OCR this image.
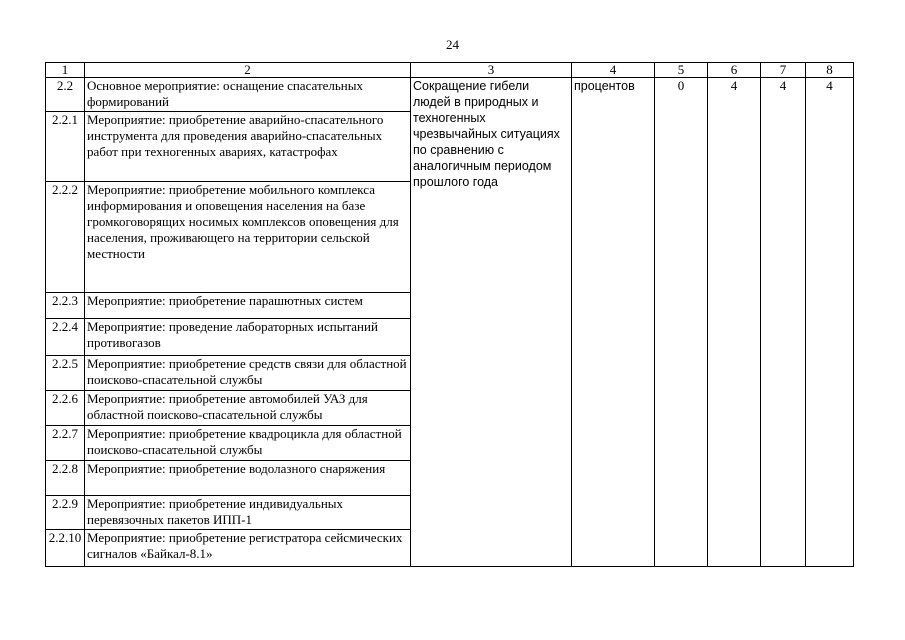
24
1	2	3	4	5	6	7	8
2.2	Основное мероприятие: оснащение спасательных формирований	Сокращение гибели людей в природных и техногенных чрезвычайных ситуациях по сравнению с аналогичным периодом прошлого года	процентов	0	4	4	4
2.2.1	Мероприятие: приобретение аварийно-спасательного инструмента для проведения аварийно-спасательных работ при техногенных авариях, катастрофах						
2.2.2	Мероприятие: приобретение мобильного комплекса информирования и оповещения населения на базе громкоговорящих носимых комплексов оповещения для населения, проживающего на территории сельской местности						
2.2.3	Мероприятие: приобретение парашютных систем						
2.2.4	Мероприятие: проведение лабораторных испытаний противогазов						
2.2.5	Мероприятие: приобретение средств связи для областной поисково-спасательной службы						
2.2.6	Мероприятие: приобретение автомобилей УАЗ для областной поисково-спасательной службы						
2.2.7	Мероприятие: приобретение квадроцикла для областной поисково-спасательной службы						
2.2.8	Мероприятие: приобретение водолазного снаряжения						
2.2.9	Мероприятие: приобретение индивидуальных перевязочных пакетов ИПП-1						
2.2.10	Мероприятие: приобретение регистратора сейсмических сигналов «Байкал-8.1»						
